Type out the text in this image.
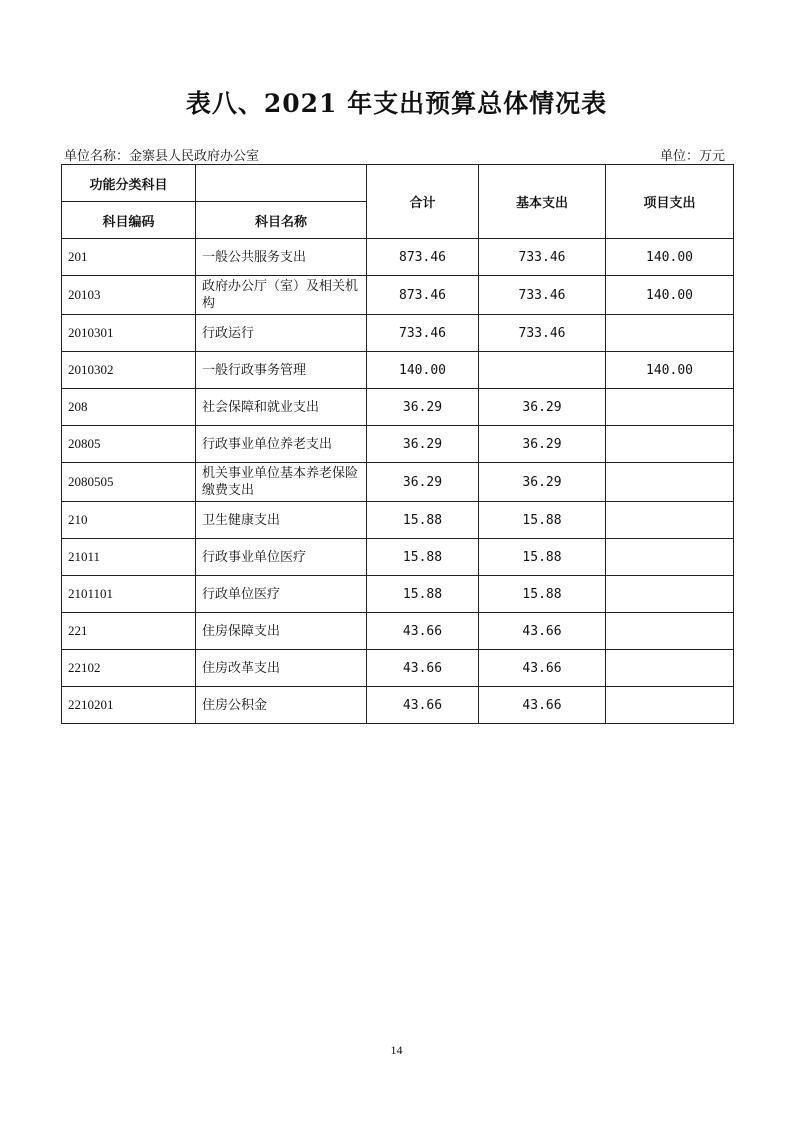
表八、2021 年支出预算总体情况表
单位名称：金寨县人民政府办公室	单位：万元
功能分类科目		合计	基本支出	项目支出
科目编码	科目名称			
201	一般公共服务支出	873.46	733.46	140.00
20103	政府办公厅（室）及相关机构	873.46	733.46	140.00
2010301	行政运行	733.46	733.46	
2010302	一般行政事务管理	140.00		140.00
208	社会保障和就业支出	36.29	36.29	
20805	行政事业单位养老支出	36.29	36.29	
2080505	机关事业单位基本养老保险缴费支出	36.29	36.29	
210	卫生健康支出	15.88	15.88	
21011	行政事业单位医疗	15.88	15.88	
2101101	行政单位医疗	15.88	15.88	
221	住房保障支出	43.66	43.66	
22102	住房改革支出	43.66	43.66	
2210201	住房公积金	43.66	43.66	
14
